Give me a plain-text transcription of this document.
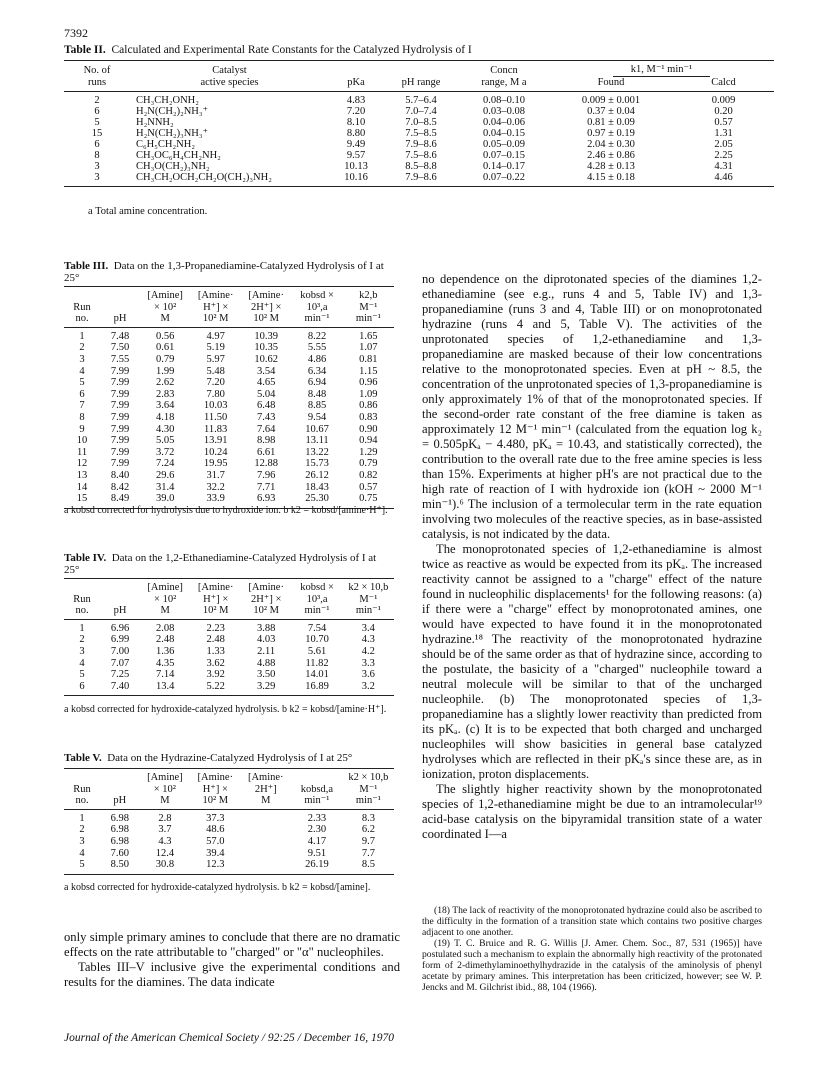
7392
Table II. Calculated and Experimental Rate Constants for the Catalyzed Hydrolysis of I
No. of	Catalyst			Concn	k1, M⁻¹ min⁻¹	
runs	active species	pKa	pH range	range, M a	Found	Calcd
2	CH₃CH₂ONH₂	4.83	5.7–6.4	0.08–0.10	0.009 ± 0.001	0.009
6	H₂N(CH₂)₂NH₃⁺	7.20	7.0–7.4	0.03–0.08	0.37 ± 0.04	0.20
5	H₂NNH₂	8.10	7.0–8.5	0.04–0.06	0.81 ± 0.09	0.57
15	H₂N(CH₂)₃NH₃⁺	8.80	7.5–8.5	0.04–0.15	0.97 ± 0.19	1.31
6	C₆H₅CH₂NH₂	9.49	7.9–8.6	0.05–0.09	2.04 ± 0.30	2.05
8	CH₃OC₆H₄CH₂NH₂	9.57	7.5–8.6	0.07–0.15	2.46 ± 0.86	2.25
3	CH₃O(CH₂)₃NH₂	10.13	8.5–8.8	0.14–0.17	4.28 ± 0.13	4.31
3	CH₃CH₂OCH₂CH₂O(CH₂)₃NH₂	10.16	7.9–8.6	0.07–0.22	4.15 ± 0.18	4.46
a Total amine concentration.
Table III. Data on the 1,3-Propanediamine-Catalyzed Hydrolysis of I at 25°
		[Amine]	[Amine·	[Amine·	kobsd ×	k2,b
Run		× 10²	H⁺] ×	2H⁺] ×	10³,a	M⁻¹
no.	pH	M	10² M	10² M	min⁻¹	min⁻¹
1	7.48	0.56	4.97	10.39	8.22	1.65
2	7.50	0.61	5.19	10.35	5.55	1.07
3	7.55	0.79	5.97	10.62	4.86	0.81
4	7.99	1.99	5.48	3.54	6.34	1.15
5	7.99	2.62	7.20	4.65	6.94	0.96
6	7.99	2.83	7.80	5.04	8.48	1.09
7	7.99	3.64	10.03	6.48	8.85	0.86
8	7.99	4.18	11.50	7.43	9.54	0.83
9	7.99	4.30	11.83	7.64	10.67	0.90
10	7.99	5.05	13.91	8.98	13.11	0.94
11	7.99	3.72	10.24	6.61	13.22	1.29
12	7.99	7.24	19.95	12.88	15.73	0.79
13	8.40	29.6	31.7	7.96	26.12	0.82
14	8.42	31.4	32.2	7.71	18.43	0.57
15	8.49	39.0	33.9	6.93	25.30	0.75
a kobsd corrected for hydrolysis due to hydroxide ion. b k2 = kobsd/[amine·H⁺].
Table IV. Data on the 1,2-Ethanediamine-Catalyzed Hydrolysis of I at 25°
		[Amine]	[Amine·	[Amine·	kobsd ×	k2 × 10,b
Run		× 10²	H⁺] ×	2H⁺] ×	10³,a	M⁻¹
no.	pH	M	10² M	10² M	min⁻¹	min⁻¹
1	6.96	2.08	2.23	3.88	7.54	3.4
2	6.99	2.48	2.48	4.03	10.70	4.3
3	7.00	1.36	1.33	2.11	5.61	4.2
4	7.07	4.35	3.62	4.88	11.82	3.3
5	7.25	7.14	3.92	3.50	14.01	3.6
6	7.40	13.4	5.22	3.29	16.89	3.2
a kobsd corrected for hydroxide-catalyzed hydrolysis. b k2 = kobsd/[amine·H⁺].
Table V. Data on the Hydrazine-Catalyzed Hydrolysis of I at 25°
		[Amine]	[Amine·	[Amine·		k2 × 10,b
Run		× 10²	H⁺] ×	2H⁺]	kobsd,a	M⁻¹
no.	pH	M	10² M	M	min⁻¹	min⁻¹
1	6.98	2.8	37.3		2.33	8.3
2	6.98	3.7	48.6		2.30	6.2
3	6.98	4.3	57.0		4.17	9.7
4	7.60	12.4	39.4		9.51	7.7
5	8.50	30.8	12.3		26.19	8.5
a kobsd corrected for hydroxide-catalyzed hydrolysis. b k2 = kobsd/[amine].

only simple primary amines to conclude that there are no dramatic effects on the rate attributable to "charged" or "α" nucleophiles.

Tables III–V inclusive give the experimental conditions and results for the diamines. The data indicate

no dependence on the diprotonated species of the diamines 1,2-ethanediamine (see e.g., runs 4 and 5, Table IV) and 1,3-propanediamine (runs 3 and 4, Table III) or on monoprotonated hydrazine (runs 4 and 5, Table V). The activities of the unprotonated species of 1,2-ethanediamine and 1,3-propanediamine are masked because of their low concentrations relative to the monoprotonated species. Even at pH ~ 8.5, the concentration of the unprotonated species of 1,3-propanediamine is only approximately 1% of that of the monoprotonated species. If the second-order rate constant of the free diamine is taken as approximately 12 M⁻¹ min⁻¹ (calculated from the equation log k₂ = 0.505pKₐ − 4.480, pKₐ = 10.43, and statistically corrected), the contribution to the overall rate due to the free amine species is less than 15%. Experiments at higher pH's are not practical due to the high rate of reaction of I with hydroxide ion (kOH ~ 2000 M⁻¹ min⁻¹).⁶ The inclusion of a termolecular term in the rate equation involving two molecules of the reactive species, as in base-assisted catalysis, is not indicated by the data.

The monoprotonated species of 1,2-ethanediamine is almost twice as reactive as would be expected from its pKₐ. The increased reactivity cannot be assigned to a "charge" effect of the nature found in nucleophilic displacements¹ for the following reasons: (a) if there were a "charge" effect by monoprotonated amines, one would have expected to have found it in the monoprotonated hydrazine.¹⁸ The reactivity of the monoprotonated hydrazine should be of the same order as that of hydrazine since, according to the postulate, the basicity of a "charged" nucleophile toward a neutral molecule will be similar to that of the uncharged nucleophile. (b) The monoprotonated species of 1,3-propanediamine has a slightly lower reactivity than predicted from its pKₐ. (c) It is to be expected that both charged and uncharged nucleophiles will show basicities in general base catalyzed hydrolyses which are reflected in their pKₐ's since these are, as in ionization, proton displacements.

The slightly higher reactivity shown by the monoprotonated species of 1,2-ethanediamine might be due to an intramolecular¹⁹ acid-base catalysis on the bipyramidal transition state of a water coordinated I—a

(18) The lack of reactivity of the monoprotonated hydrazine could also be ascribed to the difficulty in the formation of a transition state which contains two positive charges adjacent to one another.

(19) T. C. Bruice and R. G. Willis [J. Amer. Chem. Soc., 87, 531 (1965)] have postulated such a mechanism to explain the abnormally high reactivity of the protonated form of 2-dimethylaminoethylhydrazide in the catalysis of the aminolysis of phenyl acetate by primary amines. This interpretation has been criticized, however; see W. P. Jencks and M. Gilchrist ibid., 88, 104 (1966).

Journal of the American Chemical Society / 92:25 / December 16, 1970
